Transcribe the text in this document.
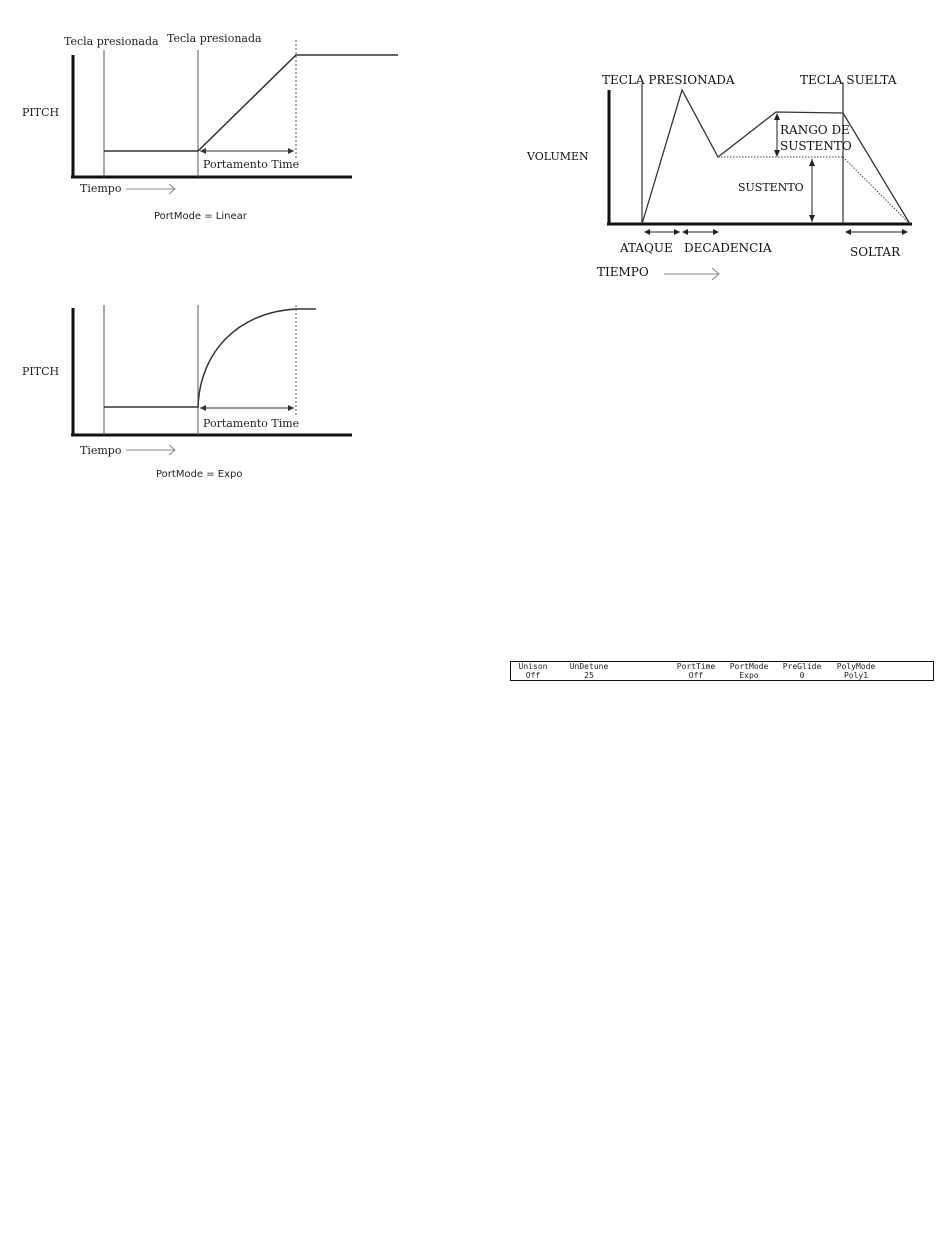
Tecla presionada Tecla presionada
PITCH
Portamento Time
Tiempo
PortMode = Linear
PITCH
Portamento Time
Tiempo
PortMode = Expo
TECLA PRESIONADA	TECLA SUELTA
VOLUMEN
RANGO DE
SUSTENTO
SUSTENTO
ATAQUE DECADENCIA	SOLTAR
TIEMPO
Unison
Off
UnDetune
25
PortTime
Off
PortMode
Expo
PreGlide
0
PolyMode
Poly1
